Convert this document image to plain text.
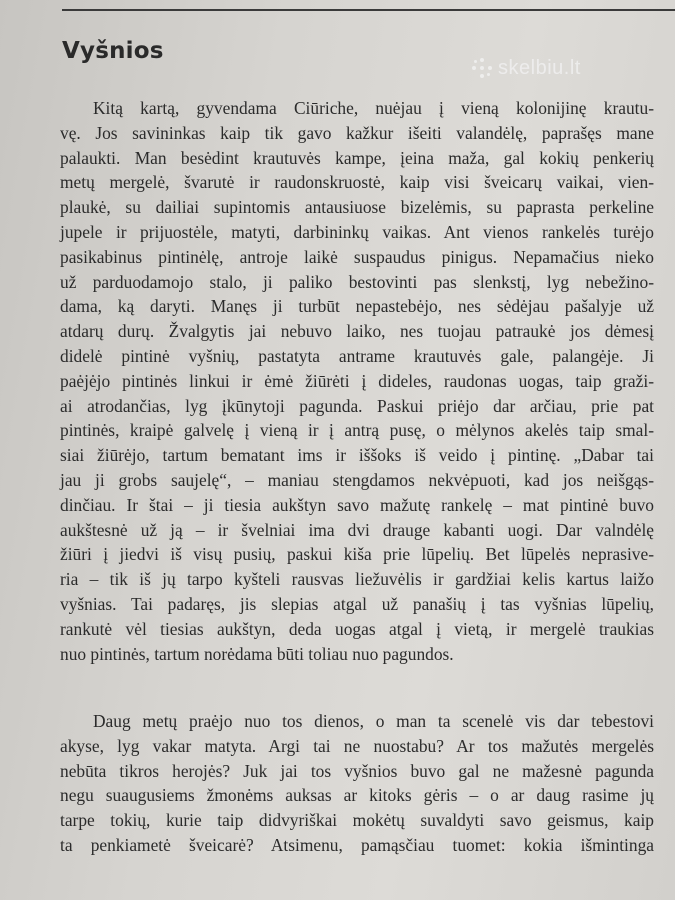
Vyšnios
skelbiu.lt

Kitą kartą, gyvendama Ciūriche, nuėjau į vieną kolonijinę krautu-

vę. Jos savininkas kaip tik gavo kažkur išeiti valandėlę, paprašęs mane

palaukti. Man besėdint krautuvės kampe, įeina maža, gal kokių penkerių

metų mergelė, švarutė ir raudonskruostė, kaip visi šveicarų vaikai, vien-

plaukė, su dailiai supintomis antausiuose bizelėmis, su paprasta perkeline

jupele ir prijuostėle, matyti, darbininkų vaikas. Ant vienos rankelės turėjo

pasikabinus pintinėlę, antroje laikė suspaudus pinigus. Nepamačius nieko

už parduodamojo stalo, ji paliko bestovinti pas slenkstį, lyg nebežino-

dama, ką daryti. Manęs ji turbūt nepastebėjo, nes sėdėjau pašalyje už

atdarų durų. Žvalgytis jai nebuvo laiko, nes tuojau patraukė jos dėmesį

didelė pintinė vyšnių, pastatyta antrame krautuvės gale, palangėje. Ji

paėjėjo pintinės linkui ir ėmė žiūrėti į dideles, raudonas uogas, taip graži-

ai atrodančias, lyg įkūnytoji pagunda. Paskui priėjo dar arčiau, prie pat

pintinės, kraipė galvelę į vieną ir į antrą pusę, o mėlynos akelės taip smal-

siai žiūrėjo, tartum bematant ims ir iššoks iš veido į pintinę. „Dabar tai

jau ji grobs saujelę“, – maniau stengdamos nekvėpuoti, kad jos neišgąs-

dinčiau. Ir štai – ji tiesia aukštyn savo mažutę rankelę – mat pintinė buvo

aukštesnė už ją – ir švelniai ima dvi drauge kabanti uogi. Dar valndėlę

žiūri į jiedvi iš visų pusių, paskui kiša prie lūpelių. Bet lūpelės neprasive-

ria – tik iš jų tarpo kyšteli rausvas liežuvėlis ir gardžiai kelis kartus laižo

vyšnias. Tai padaręs, jis slepias atgal už panašių į tas vyšnias lūpelių,

rankutė vėl tiesias aukštyn, deda uogas atgal į vietą, ir mergelė traukias

nuo pintinės, tartum norėdama būti toliau nuo pagundos.

Daug metų praėjo nuo tos dienos, o man ta scenelė vis dar tebestovi

akyse, lyg vakar matyta. Argi tai ne nuostabu? Ar tos mažutės mergelės

nebūta tikros herojės? Juk jai tos vyšnios buvo gal ne mažesnė pagunda

negu suaugusiems žmonėms auksas ar kitoks gėris – o ar daug rasime jų

tarpe tokių, kurie taip didvyriškai mokėtų suvaldyti savo geismus, kaip

ta penkiametė šveicarė? Atsimenu, pamąsčiau tuomet: kokia išmintinga
